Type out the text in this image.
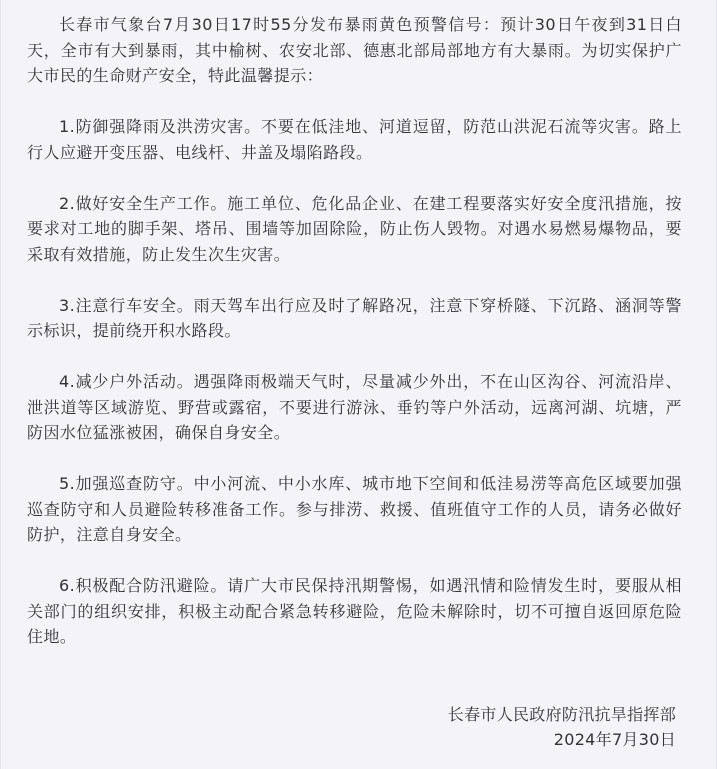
长春市气象台7月30日17时55分发布暴雨黄色预警信号：预计30日午夜到31日白天，全市有大到暴雨，其中榆树、农安北部、德惠北部局部地方有大暴雨。为切实保护广大市民的生命财产安全，特此温馨提示：

1.防御强降雨及洪涝灾害。不要在低洼地、河道逗留，防范山洪泥石流等灾害。路上行人应避开变压器、电线杆、井盖及塌陷路段。

2.做好安全生产工作。施工单位、危化品企业、在建工程要落实好安全度汛措施，按要求对工地的脚手架、塔吊、围墙等加固除险，防止伤人毁物。对遇水易燃易爆物品，要采取有效措施，防止发生次生灾害。

3.注意行车安全。雨天驾车出行应及时了解路况，注意下穿桥隧、下沉路、涵洞等警示标识，提前绕开积水路段。

4.减少户外活动。遇强降雨极端天气时，尽量减少外出，不在山区沟谷、河流沿岸、泄洪道等区域游览、野营或露宿，不要进行游泳、垂钓等户外活动，远离河湖、坑塘，严防因水位猛涨被困，确保自身安全。

5.加强巡查防守。中小河流、中小水库、城市地下空间和低洼易涝等高危区域要加强巡查防守和人员避险转移准备工作。参与排涝、救援、值班值守工作的人员，请务必做好防护，注意自身安全。

6.积极配合防汛避险。请广大市民保持汛期警惕，如遇汛情和险情发生时，要服从相关部门的组织安排，积极主动配合紧急转移避险，危险未解除时，切不可擅自返回原危险住地。

长春市人民政府防汛抗旱指挥部
2024年7月30日
